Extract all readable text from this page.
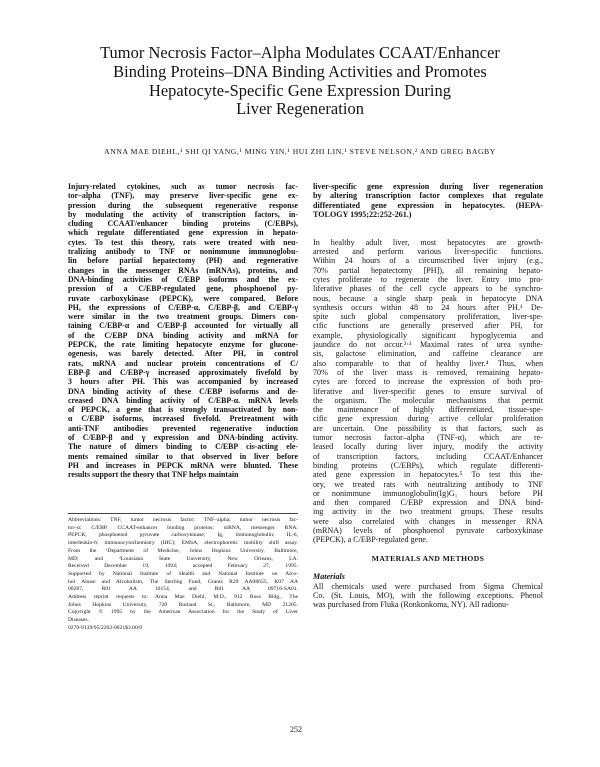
Tumor Necrosis Factor–Alpha Modulates CCAAT/Enhancer
Binding Proteins–DNA Binding Activities and Promotes
Hepatocyte-Specific Gene Expression During
Liver Regeneration
ANNA MAE DIEHL,¹ SHI QI YANG,¹ MING YIN,¹ HUI ZHI LIN,¹ STEVE NELSON,² AND GREG BAGBY
Injury-related cytokines, such as tumor necrosis fac-
tor–alpha (TNF), may preserve liver-specific gene ex-
pression during the subsequent regenerative response
by modulating the activity of transcription factors, in-
cluding CCAAT/enhancer binding proteins (C/EBPs),
which regulate differentiated gene expression in hepato-
cytes. To test this theory, rats were treated with neu-
tralizing antibody to TNF or nonimmune immunoglobu-
lin before partial hepatectomy (PH) and regenerative
changes in the messenger RNAs (mRNAs), proteins, and
DNA-binding activities of C/EBP isoforms and the ex-
pression of a C/EBP-regulated gene, phosphoenol py-
ruvate carboxykinase (PEPCK), were compared. Before
PH, the expressions of C/EBP-α, C/EBP-β, and C/EBP-γ
were similar in the two treatment groups. Dimers con-
taining C/EBP-α and C/EBP-β accounted for virtually all
of the C/EBP DNA binding activity and mRNA for
PEPCK, the rate limiting hepatocyte enzyme for glucone-
ogenesis, was barely detected. After PH, in control
rats, mRNA and nuclear protein concentrations of C/
EBP-β and C/EBP-γ increased approximately fivefold by
3 hours after PH. This was accompanied by increased
DNA binding activity of these C/EBP isoforms and de-
creased DNA binding activity of C/EBP-α. mRNA levels
of PEPCK, a gene that is strongly transactivated by non-
α C/EBP isoforms, increased fivefold. Pretreatment with
anti-TNF antibodies prevented regenerative induction
of C/EBP-β and γ expression and DNA-binding activity.
The nature of dimers binding to C/EBP cis-acting ele-
ments remained similar to that observed in liver before
PH and increases in PEPCK mRNA were blunted. These
results support the theory that TNF helps maintain
Abbreviations: TNF, tumor necrosis factor; TNF–alpha; tumor necrosis fac-
tor–α; C/EBP, CCAAT-enhancer binding proteins; mRNA, messenger RNA;
PEPCK, phosphoenol pyruvate carboxykinase; Ig, immunoglobulin; IL-6,
interleukin-6; immunocytochemistry (IHC); EMSA, electrophoretic mobility shift assay.
From the ¹Department of Medicine, Johns Hopkins University, Baltimore,
MD; and ²Louisiana State University, New Orleans, LA.
Received December 19, 1994; accepted February 27, 1995.
Supported by National Institute of Health and National Institute on Alco-
hol Abuse and Alcoholism, The Sterling Fund, Grants R29 AA08655, K07 AA
00287, R01 AA 10154, and R01 AA 09716-SA01.
Address reprint requests to: Anna Mae Diehl, M.D., 912 Ross Bldg., The
Johns Hopkins University, 720 Rutland St., Baltimore, MD 21205.
Copyright © 1995 by the American Association for the Study of Liver
Diseases.
0270-9139/95/2202-0021$3.00/0
liver-specific gene expression during liver regeneration
by altering transcription factor complexes that regulate
differentiated gene expression in hepatocytes. (HEPA-
TOLOGY 1995;22:252-261.)
In healthy adult liver, most hepatocytes are growth-
arrested and perform various liver-specific functions.
Within 24 hours of a circumscribed liver injury (e.g.,
70% partial hepatectomy [PH]), all remaining hepato-
cytes proliferate to regenerate the liver. Entry into pro-
liferative phases of the cell cycle appears to be synchro-
nous, because a single sharp peak in hepatocyte DNA
synthesis occurs within 48 to 24 hours after PH.¹ De-
spite such global compensatory proliferation, liver-spe-
cific functions are generally preserved after PH, for
example, physiologically significant hypoglycemia and
jaundice do not occur.²·³ Maximal rates of urea synthe-
sis, galactose elimination, and caffeine clearance are
also comparable to that of healthy liver.⁴ Thus, when
70% of the liver mass is removed, remaining hepato-
cytes are forced to increase the expression of both pro-
liferative and liver-specific genes to ensure survival of
the organism. The molecular mechanisms that permit
the maintenance of highly differentiated, tissue-spe-
cific gene expression during active cellular proliferation
are uncertain. One possibility is that factors, such as
tumor necrosis factor–alpha (TNF-α), which are re-
leased locally during liver injury, modify the activity
of transcription factors, including CCAAT/Enhancer
binding proteins (C/EBPs), which regulate differenti-
ated gene expression in hepatocytes.⁵ To test this the-
ory, we treated rats with neutralizing antibody to TNF
or nonimmune immunoglobulin(Ig)G₁ hours before PH
and then compared C/EBP expression and DNA bind-
ing activity in the two treatment groups. These results
were also correlated with changes in messenger RNA
(mRNA) levels of phosphoenol pyruvate carboxykinase
(PEPCK), a C/EBP-regulated gene.
MATERIALS AND METHODS
Materials
All chemicals used were purchased from Sigma Chemical
Co. (St. Louis, MO), with the following exceptions. Phenol
was purchased from Fluka (Ronkonkoma, NY). All radionu-
252
